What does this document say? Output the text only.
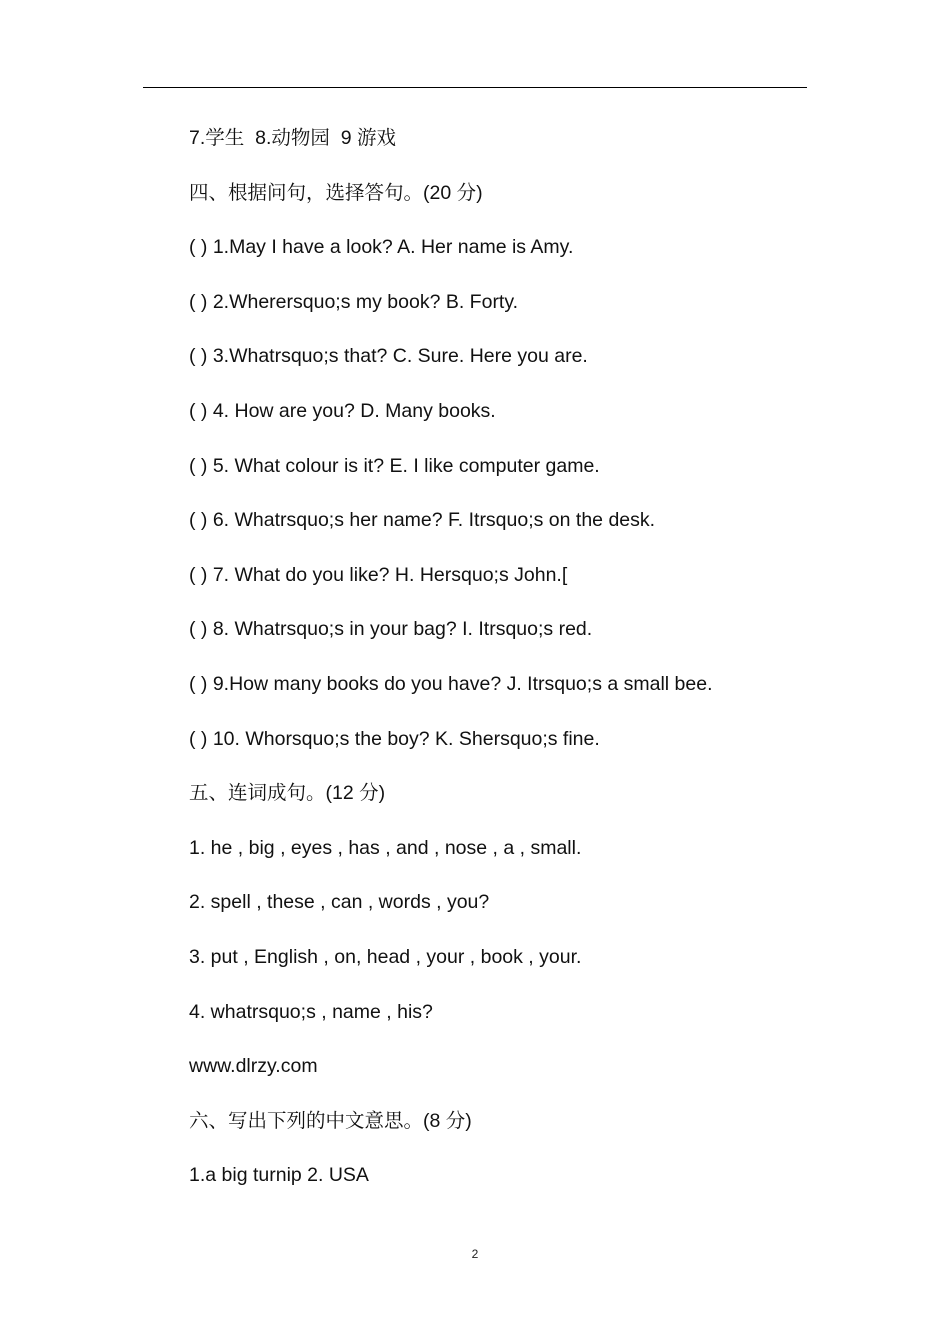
7.学生  8.动物园  9 游戏
四、根据问句，选择答句。(20 分)
( ) 1.May I have a look? A. Her name is Amy.
( ) 2.Wherersquo;s my book? B. Forty.
( ) 3.Whatrsquo;s that? C. Sure. Here you are.
( ) 4. How are you? D. Many books.
( ) 5. What colour is it? E. I like computer game.
( ) 6. Whatrsquo;s her name? F. Itrsquo;s on the desk.
( ) 7. What do you like? H. Hersquo;s John.[
( ) 8. Whatrsquo;s in your bag? I. Itrsquo;s red.
( ) 9.How many books do you have? J. Itrsquo;s a small bee.
( ) 10. Whorsquo;s the boy? K. Shersquo;s fine.
五、连词成句。(12 分)
1. he , big , eyes , has , and , nose , a , small.
2. spell , these , can , words , you?
3. put , English , on, head , your , book , your.
4. whatrsquo;s , name , his?
www.dlrzy.com
六、写出下列的中文意思。(8 分)
1.a big turnip 2. USA
2
